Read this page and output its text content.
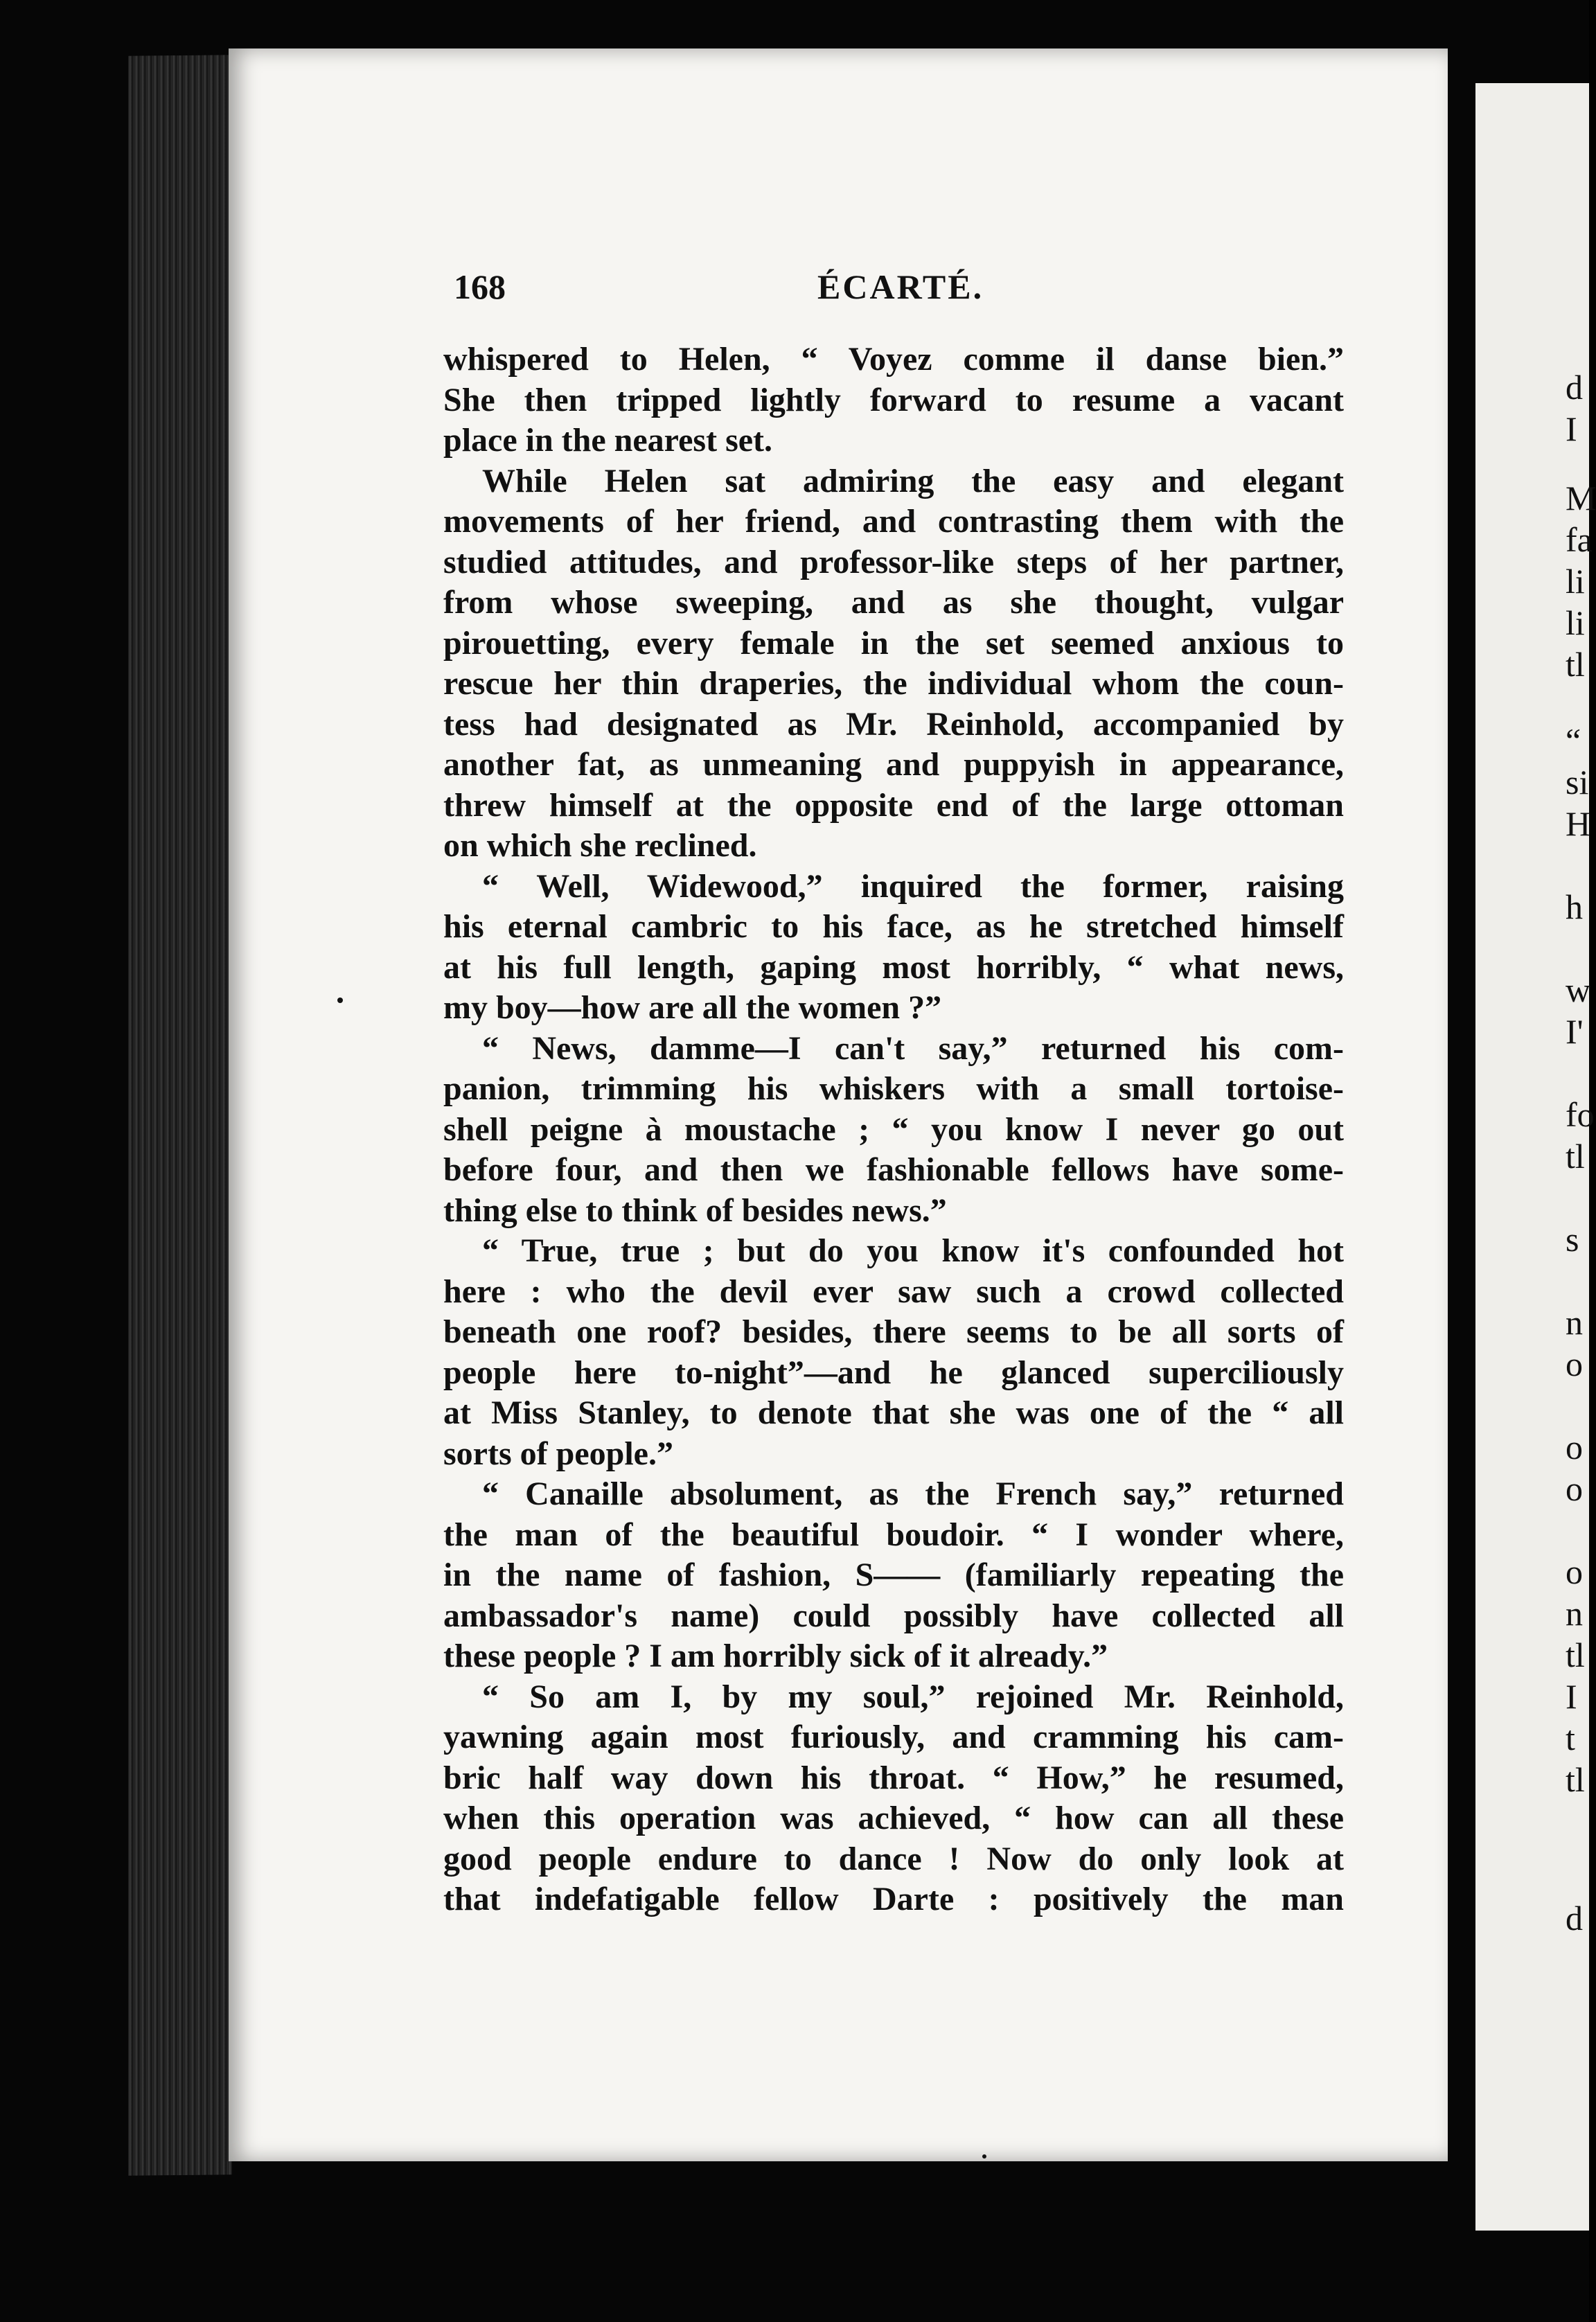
d
I
M
fa
li
li
tl
“
si
H
h
w
I'
fo
tl
s
n
o
o
o
o
n
tl
I
t
tl
d
168	ÉCARTÉ.
whispered to Helen, “ Voyez comme il danse bien.”
She then tripped lightly forward to resume a vacant
place in the nearest set.
While Helen sat admiring the easy and elegant
movements of her friend, and contrasting them with the
studied attitudes, and professor-like steps of her partner,
from whose sweeping, and as she thought, vulgar
pirouetting, every female in the set seemed anxious to
rescue her thin draperies, the individual whom the coun-
tess had designated as Mr. Reinhold, accompanied by
another fat, as unmeaning and puppyish in appearance,
threw himself at the opposite end of the large ottoman
on which she reclined.
“ Well, Widewood,” inquired the former, raising
his eternal cambric to his face, as he stretched himself
at his full length, gaping most horribly, “ what news,
my boy—how are all the women ?”
“ News, damme—I can't say,” returned his com-
panion, trimming his whiskers with a small tortoise-
shell peigne à moustache ; “ you know I never go out
before four, and then we fashionable fellows have some-
thing else to think of besides news.”
“ True, true ; but do you know it's confounded hot
here : who the devil ever saw such a crowd collected
beneath one roof? besides, there seems to be all sorts of
people here to-night”—and he glanced superciliously
at Miss Stanley, to denote that she was one of the “ all
sorts of people.”
“ Canaille absolument, as the French say,” returned
the man of the beautiful boudoir. “ I wonder where,
in the name of fashion, S—— (familiarly repeating the
ambassador's name) could possibly have collected all
these people ? I am horribly sick of it already.”
“ So am I, by my soul,” rejoined Mr. Reinhold,
yawning again most furiously, and cramming his cam-
bric half way down his throat. “ How,” he resumed,
when this operation was achieved, “ how can all these
good people endure to dance ! Now do only look at
that indefatigable fellow Darte : positively the man
